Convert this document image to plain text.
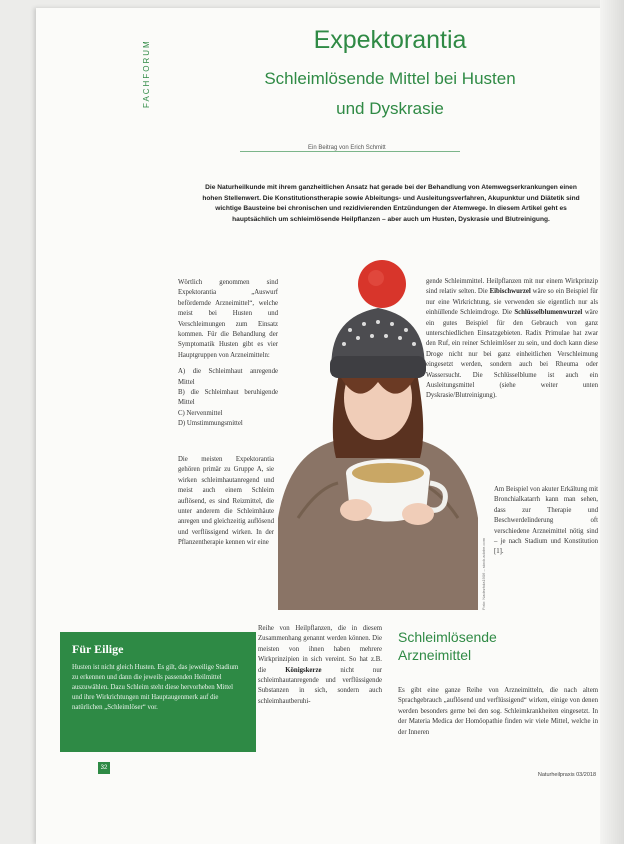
FACHFORUM	Expektorantia
Schleimlösende Mittel bei Husten
und Dyskrasie
Ein Beitrag von Erich Schmitt
Die Naturheilkunde mit ihrem ganzheitlichen Ansatz hat gerade bei der Behandlung von Atemwegserkrankungen einen hohen Stellenwert. Die Konstitutionstherapie sowie Ableitungs- und Ausleitungsverfahren, Akupunktur und Diätetik sind wichtige Bausteine bei chronischen und rezidivierenden Entzündungen der Atemwege. In diesem Artikel geht es hauptsächlich um schleimlösende Heilpflanzen – aber auch um Husten, Dyskrasie und Blutreinigung.
Wörtlich genommen sind Expektorantia „Auswurf befördernde Arzneimittel“, welche meist bei Husten und Verschleimungen zum Einsatz kommen. Für die Behandlung der Symptomatik Husten gibt es vier Hauptgruppen von Arzneimitteln:
A) die Schleimhaut anregende Mittel
B) die Schleimhaut beruhigende Mittel
C) Nervenmittel
D) Umstimmungsmittel
Die meisten Expektorantia gehören primär zu Gruppe A, sie wirken schleimhautanregend und meist auch einem Schleim auflösend, es sind Reizmittel, die unter anderem die Schleimhäute anregen und gleichzeitig auflösend und verflüssigend wirken. In der Pflanzentherapie kennen wir eine	Foto: Nadezhda1906 – stock.adobe.com
gende Schleimmittel. Heilpflanzen mit nur einem Wirkprinzip sind relativ selten. Die Eibischwurzel wäre so ein Beispiel für nur eine Wirkrichtung, sie verwenden sie eigentlich nur als einhüllende Schleimdroge. Die Schlüsselblumenwurzel wäre ein gutes Beispiel für den Gebrauch von ganz unterschiedlichen Einsatzgebieten. Radix Primulae hat zwar den Ruf, ein reiner Schleimlöser zu sein, und doch kann diese Droge nicht nur bei ganz einheitlichen Verschleimung eingesetzt werden, sondern auch bei Rheuma oder Wassersucht. Die Schlüsselblume ist auch ein Ausleitungsmittel (siehe weiter unten Dyskrasie/Blutreinigung).
Am Beispiel von akuter Erkältung mit Bronchialkatarrh kann man sehen, dass zur Therapie und Beschwerdelinderung oft verschiedene Arzneimittel nötig sind – je nach Stadium und Konstitution [1].
Reihe von Heilpflanzen, die in diesem Zusammenhang genannt werden können. Die meisten von ihnen haben mehrere Wirkprinzipien in sich vereint. So hat z.B. die Königskerze nicht nur schleimhautanregende und verflüssigende Substanzen in sich, sondern auch schleimhautberuhi-
Für Eilige
Husten ist nicht gleich Husten. Es gilt, das jeweilige Stadium zu erkennen und dann die jeweils passenden Heilmittel auszuwählen. Dazu Schleim steht diese hervorheben Mittel und ihre Wirkrichtungen mit Hauptaugenmerk auf die natürlichen „Schleimlöser“ vor.
Schleimlösende
Arzneimittel
Es gibt eine ganze Reihe von Arzneimitteln, die nach altem Sprachgebrauch „auflösend und verflüssigend“ wirken, einige von denen werden besonders gerne bei den sog. Schleimkrankheiten eingesetzt. In der Materia Medica der Homöopathie finden wir viele Mittel, welche in der Inneren
32
Naturheilpraxis 03/2018
